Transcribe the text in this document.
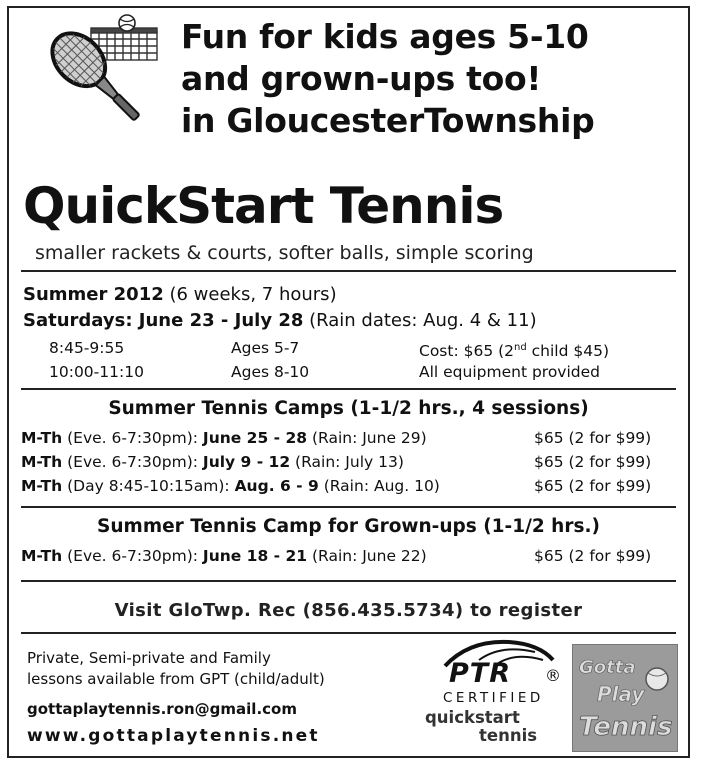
Fun for kids ages 5-10
and grown-ups too!
in GloucesterTownship
QuickStart Tennis
smaller rackets & courts, softer balls, simple scoring
Summer 2012 (6 weeks, 7 hours)
Saturdays: June 23 - July 28 (Rain dates: Aug. 4 & 11)
8:45-9:55	Ages 5-7	Cost: $65 (2nd child $45)
10:00-11:10	Ages 8-10	All equipment provided
Summer Tennis Camps (1-1/2 hrs., 4 sessions)
M-Th (Eve. 6-7:30pm): June 25 - 28 (Rain: June 29)	$65 (2 for $99)
M-Th (Eve. 6-7:30pm): July 9 - 12 (Rain: July 13)	$65 (2 for $99)
M-Th (Day 8:45-10:15am): Aug. 6 - 9 (Rain: Aug. 10)	$65 (2 for $99)
Summer Tennis Camp for Grown-ups (1-1/2 hrs.)
M-Th (Eve. 6-7:30pm): June 18 - 21 (Rain: June 22)	$65 (2 for $99)
Visit GloTwp. Rec (856.435.5734) to register
Private, Semi-private and Family
lessons available from GPT (child/adult)
gottaplaytennis.ron@gmail.com
www.gottaplaytennis.net
PTR ®
CERTIFIED
quickstart
tennis
Gotta
Play
Tennis
